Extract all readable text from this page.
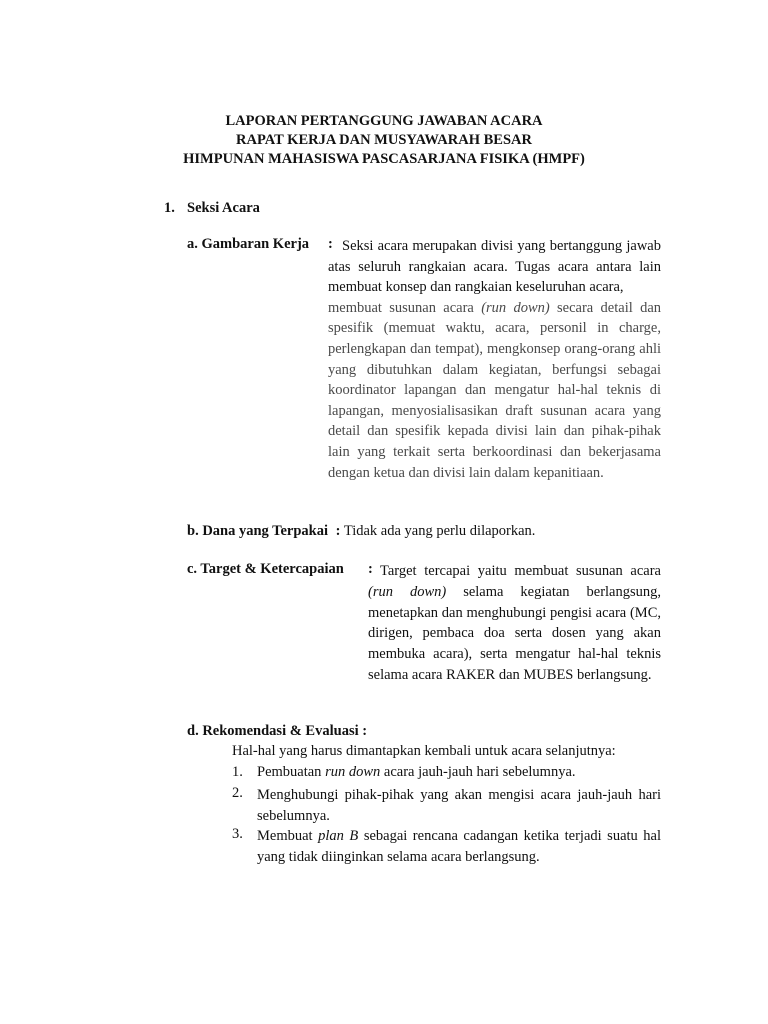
LAPORAN PERTANGGUNG JAWABAN ACARA
RAPAT KERJA DAN MUSYAWARAH BESAR
HIMPUNAN MAHASISWA PASCASARJANA FISIKA (HMPF)
1. Seksi Acara
a. Gambaran Kerja : Seksi acara merupakan divisi yang bertanggung jawab atas seluruh rangkaian acara. Tugas acara antara lain membuat konsep dan rangkaian keseluruhan acara,
membuat susunan acara (run down) secara detail dan spesifik (memuat waktu, acara, personil in charge, perlengkapan dan tempat), mengkonsep orang-orang ahli yang dibutuhkan dalam kegiatan, berfungsi sebagai koordinator lapangan dan mengatur hal-hal teknis di lapangan, menyosialisasikan draft susunan acara yang detail dan spesifik kepada divisi lain dan pihak-pihak lain yang terkait serta berkoordinasi dan bekerjasama dengan ketua dan divisi lain dalam kepanitiaan.
b. Dana yang Terpakai : Tidak ada yang perlu dilaporkan.
c. Target & Ketercapaian : Target tercapai yaitu membuat susunan acara (run down) selama kegiatan berlangsung, menetapkan dan menghubungi pengisi acara (MC, dirigen, pembaca doa serta dosen yang akan membuka acara), serta mengatur hal-hal teknis selama acara RAKER dan MUBES berlangsung.
d. Rekomendasi & Evaluasi :
Hal-hal yang harus dimantapkan kembali untuk acara selanjutnya:
1. Pembuatan run down acara jauh-jauh hari sebelumnya.
2. Menghubungi pihak-pihak yang akan mengisi acara jauh-jauh hari sebelumnya.
3. Membuat plan B sebagai rencana cadangan ketika terjadi suatu hal yang tidak diinginkan selama acara berlangsung.
